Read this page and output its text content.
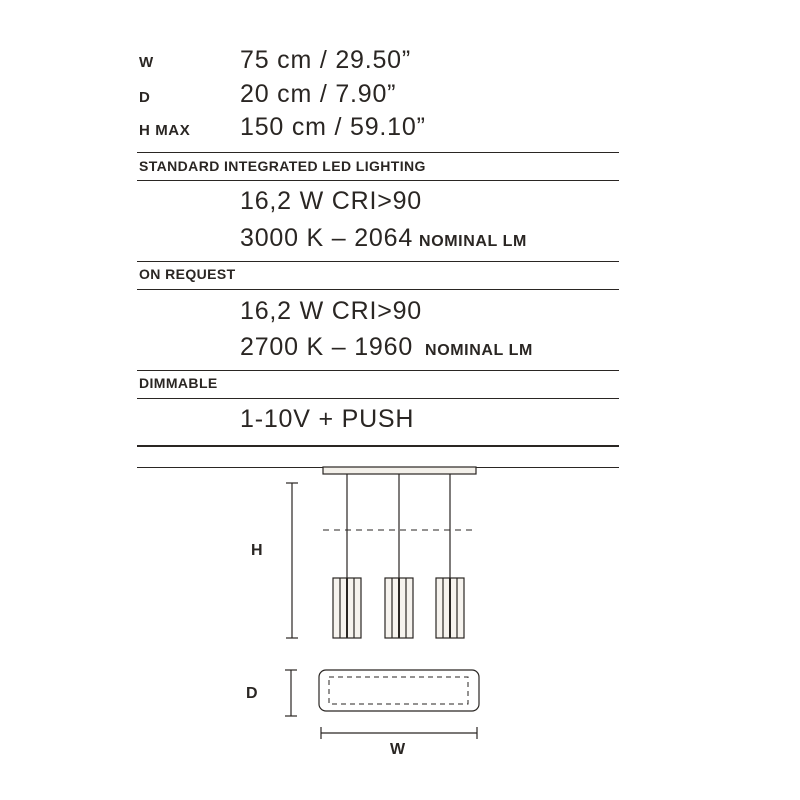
W	75 cm / 29.50”
D	20 cm / 7.90”
H MAX 150 cm / 59.10”
STANDARD INTEGRATED LED LIGHTING
16,2 W CRI>90
3000 K – 2064 NOMINAL LM
ON REQUEST
16,2 W CRI>90
2700 K – 1960 NOMINAL LM
DIMMABLE
1-10V + PUSH
H
D
W
